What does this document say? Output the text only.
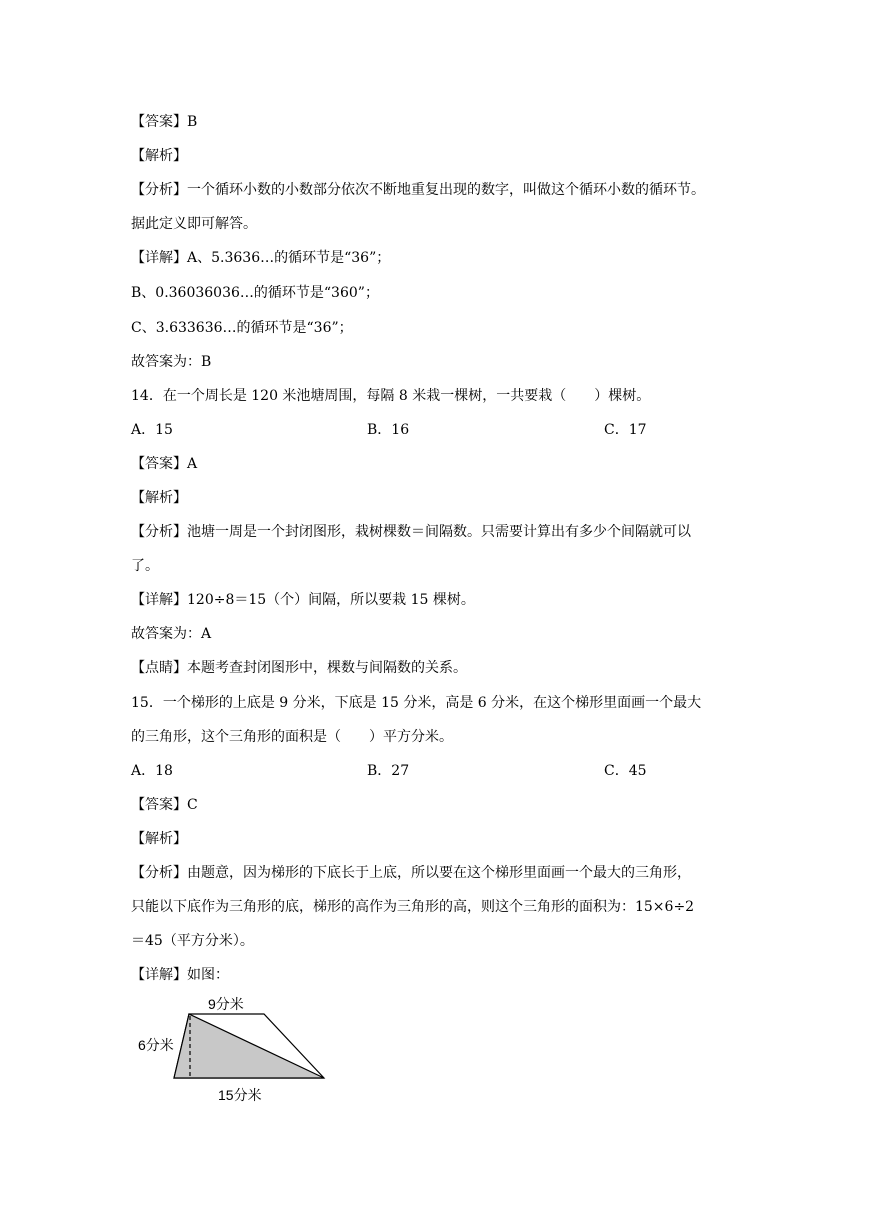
【答案】B
【解析】
【分析】一个循环小数的小数部分依次不断地重复出现的数字，叫做这个循环小数的循环节。
据此定义即可解答。
【详解】A、5.3636…的循环节是“36”；
B、0.36036036…的循环节是“360”；
C、3.633636…的循环节是“36”；
故答案为：B
14．在一个周长是 120 米池塘周围，每隔 8 米栽一棵树，一共要栽（　　）棵树。
A．15	B．16	C．17
【答案】A
【解析】
【分析】池塘一周是一个封闭图形，栽树棵数＝间隔数。只需要计算出有多少个间隔就可以
了。
【详解】120÷8＝15（个）间隔，所以要栽 15 棵树。
故答案为：A
【点睛】本题考查封闭图形中，棵数与间隔数的关系。
15．一个梯形的上底是 9 分米，下底是 15 分米，高是 6 分米，在这个梯形里面画一个最大
的三角形，这个三角形的面积是（　　）平方分米。
A．18	B．27	C．45
【答案】C
【解析】
【分析】由题意，因为梯形的下底长于上底，所以要在这个梯形里面画一个最大的三角形，
只能以下底作为三角形的底，梯形的高作为三角形的高，则这个三角形的面积为：15×6÷2
＝45（平方分米）。
【详解】如图：
9分米
6分米
15分米
